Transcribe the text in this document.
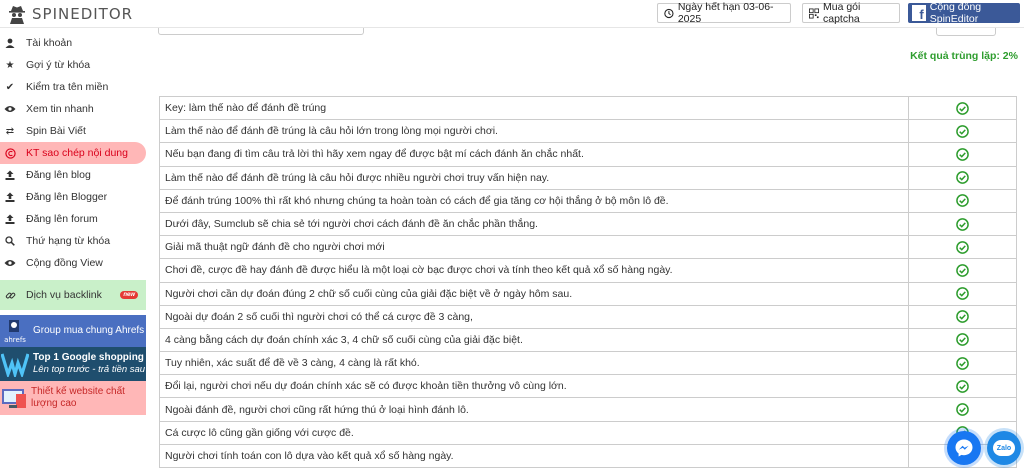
SPINEDITOR	Ngày hết hạn 03-06-2025
Mua gói captcha	f Cộng đồng SpinEditor
Tài khoản
★ Gợi ý từ khóa
✔ Kiểm tra tên miền
Xem tin nhanh
⇄ Spin Bài Viết
KT sao chép nội dung
Đăng lên blog
Đăng lên Blogger
Đăng lên forum
Thứ hạng từ khóa
Cộng đồng View
Dịch vụ backlink	new
ahrefs
Group mua chung Ahrefs
Top 1 Google shopping
Lên top trước - trả tiền sau
Thiết kế website chất lượng cao
Kết quả trùng lặp: 2%
Key: làm thế nào để đánh đề trúng	
Làm thế nào để đánh đề trúng là câu hỏi lớn trong lòng mọi người chơi.	
Nếu bạn đang đi tìm câu trả lời thì hãy xem ngay để được bật mí cách đánh ăn chắc nhất.	
Làm thế nào để đánh đề trúng là câu hỏi được nhiều người chơi truy vấn hiện nay.	
Để đánh trúng 100% thì rất khó nhưng chúng ta hoàn toàn có cách để gia tăng cơ hội thắng ở bộ môn lô đề.	
Dưới đây, Sumclub sẽ chia sẻ tới người chơi cách đánh đề ăn chắc phần thắng.	
Giải mã thuật ngữ đánh đề cho người chơi mới	
Chơi đề, cược đề hay đánh đề được hiểu là một loại cờ bạc được chơi và tính theo kết quả xổ số hàng ngày.	
Người chơi cần dự đoán đúng 2 chữ số cuối cùng của giải đặc biệt về ở ngày hôm sau.	
Ngoài dự đoán 2 số cuối thì người chơi có thể cá cược đề 3 càng,	
4 càng bằng cách dự đoán chính xác 3, 4 chữ số cuối cùng của giải đặc biệt.	
Tuy nhiên, xác suất để đề về 3 càng, 4 càng là rất khó.	
Đổi lại, người chơi nếu dự đoán chính xác sẽ có được khoản tiền thưởng vô cùng lớn.	
Ngoài đánh đề, người chơi cũng rất hứng thú ở loại hình đánh lô.	
Cá cược lô cũng gần giống với cược đề.	
Người chơi tính toán con lô dựa vào kết quả xổ số hàng ngày.	
Zalo
